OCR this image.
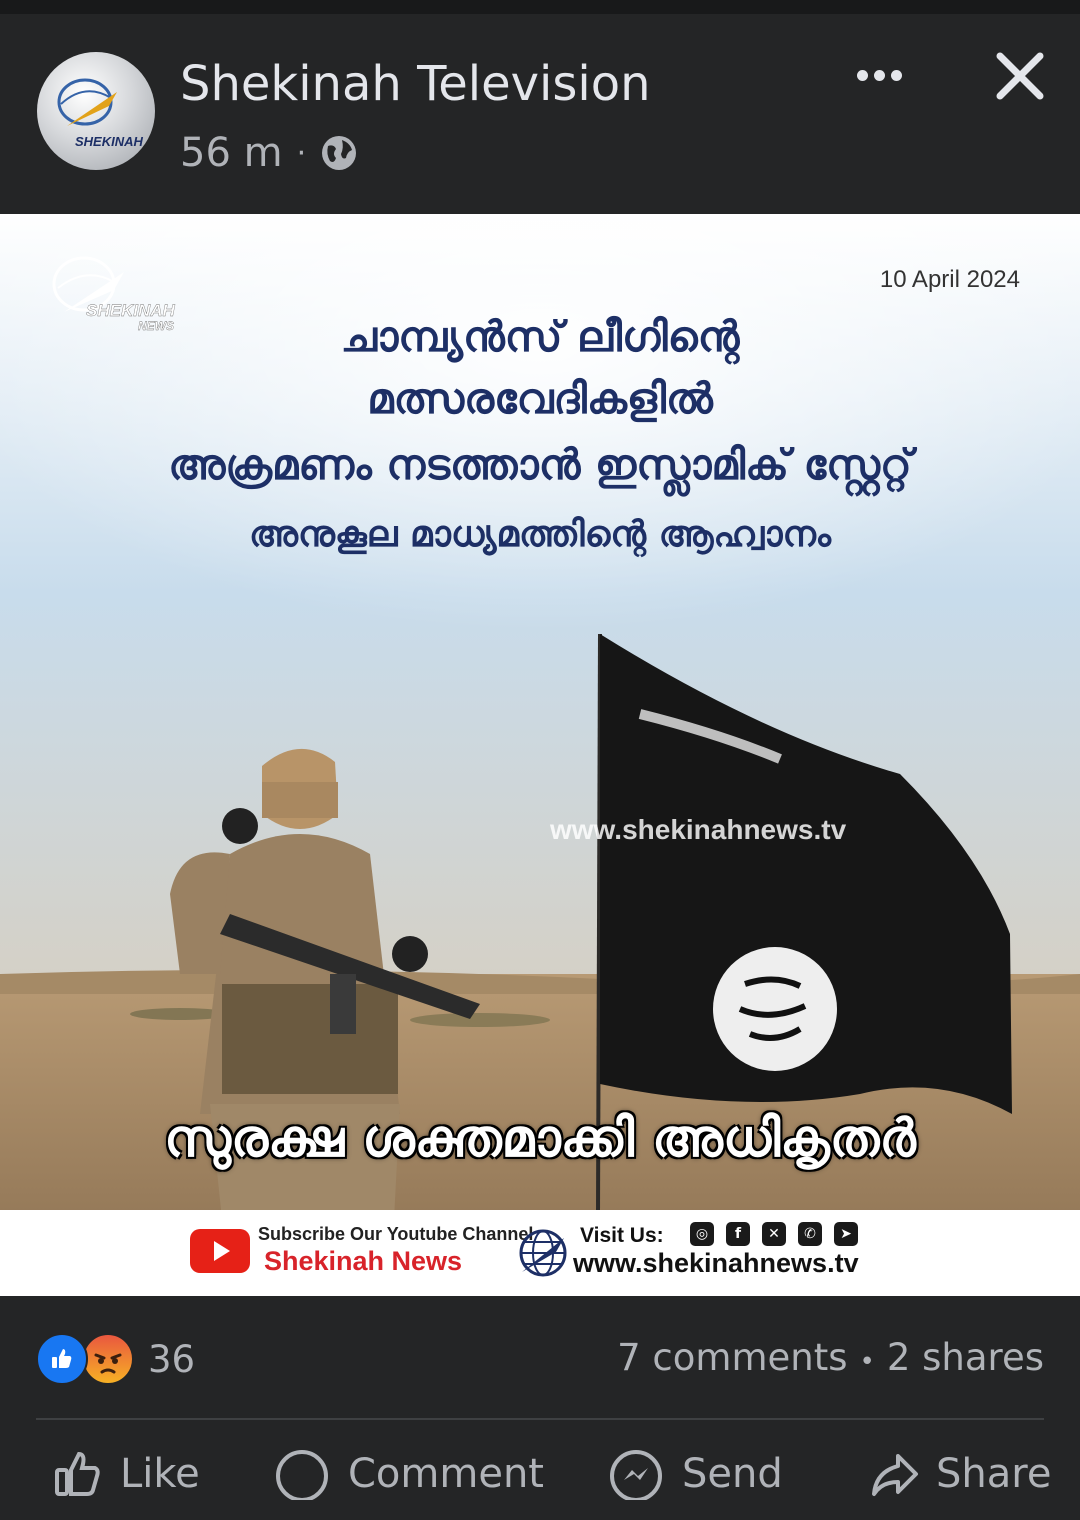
SHEKINAH
Shekinah Television
56 m ·
SHEKINAH
NEWS
10 April 2024
ചാമ്പ്യൻസ് ലീഗിന്റെ
മത്സരവേദികളിൽ
അക്രമണം നടത്താൻ ഇസ്ലാമിക് സ്റ്റേറ്റ്
അനുകൂല മാധ്യമത്തിന്റെ ആഹ്വാനം
www.shekinahnews.tv
സുരക്ഷ ശക്തമാക്കി അധികൃതർ
Subscribe Our Youtube Channel
Shekinah News
Visit Us:	◎	f	✕	✆	➤
www.shekinahnews.tv
36	7 comments • 2 shares
Like	Comment	Send	Share
